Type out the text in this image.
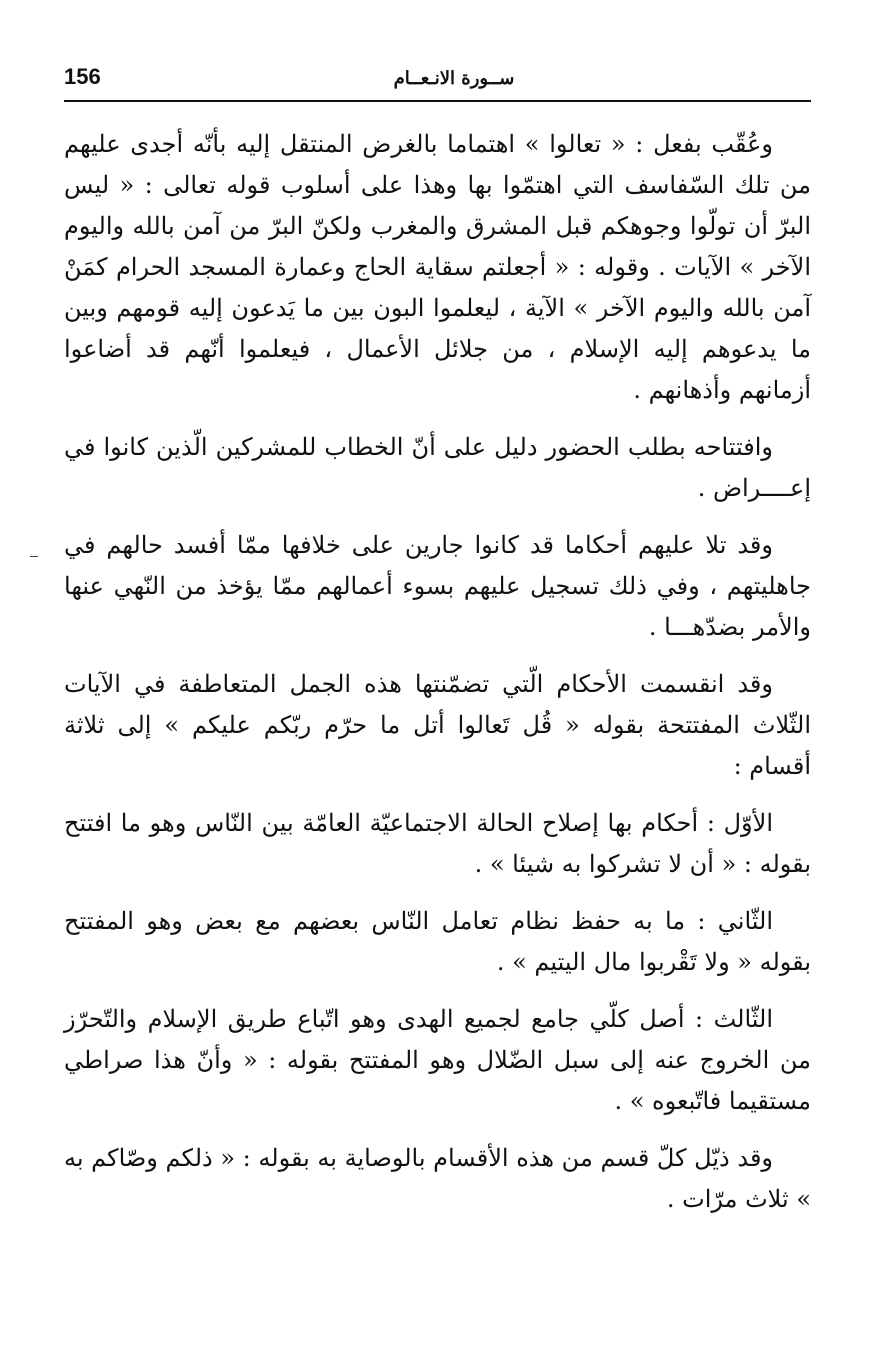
156	ســورة الانـعــام

وعُقّب بفعل : « تعالوا » اهتماما بالغرض المنتقل إليه بأنّه أجدى عليهم من تلك السّفاسف التي اهتمّوا بها وهذا على أسلوب قوله تعالى : « ليس البرّ أن تولّوا وجوهكم قبل المشرق والمغرب ولكنّ البرّ من آمن بالله واليوم الآخر » الآيات . وقوله : « أجعلتم سقاية الحاج وعمارة المسجد الحرام كمَنْ آمن بالله واليوم الآخر » الآية ، ليعلموا البون بين ما يَدعون إليه قومهم وبين ما يدعوهم إليه الإسلام ، من جلائل الأعمال ، فيعلموا أنّهم قد أضاعوا أزمانهم وأذهانهم .

وافتتاحه بطلب الحضور دليل على أنّ الخطاب للمشركين الّذين كانوا في إعــــراض .

وقد تلا عليهم أحكاما قد كانوا جارين على خلافها ممّا أفسد حالهم في جاهليتهم ، وفي ذلك تسجيل عليهم بسوء أعمالهم ممّا يؤخذ من النّهي عنها والأمر بضدّهـــا .

وقد انقسمت الأحكام الّتي تضمّنتها هذه الجمل المتعاطفة في الآيات الثّلاث المفتتحة بقوله « قُل تَعالوا أتل ما حرّم ربّكم عليكم » إلى ثلاثة أقسام :

الأوّل : أحكام بها إصلاح الحالة الاجتماعيّة العامّة بين النّاس وهو ما افتتح بقوله : « أن لا تشركوا به شيئا » .

الثّاني : ما به حفظ نظام تعامل النّاس بعضهم مع بعض وهو المفتتح بقوله « ولا تَقْربوا مال اليتيم » .

الثّالث : أصل كلّي جامع لجميع الهدى وهو اتّباع طريق الإسلام والتّحرّز من الخروج عنه إلى سبل الضّلال وهو المفتتح بقوله : « وأنّ هذا صراطي مستقيما فاتّبعوه » .

وقد ذيّل كلّ قسم من هذه الأقسام بالوصاية به بقوله : « ذلكم وصّاكم به » ثلاث مرّات .
